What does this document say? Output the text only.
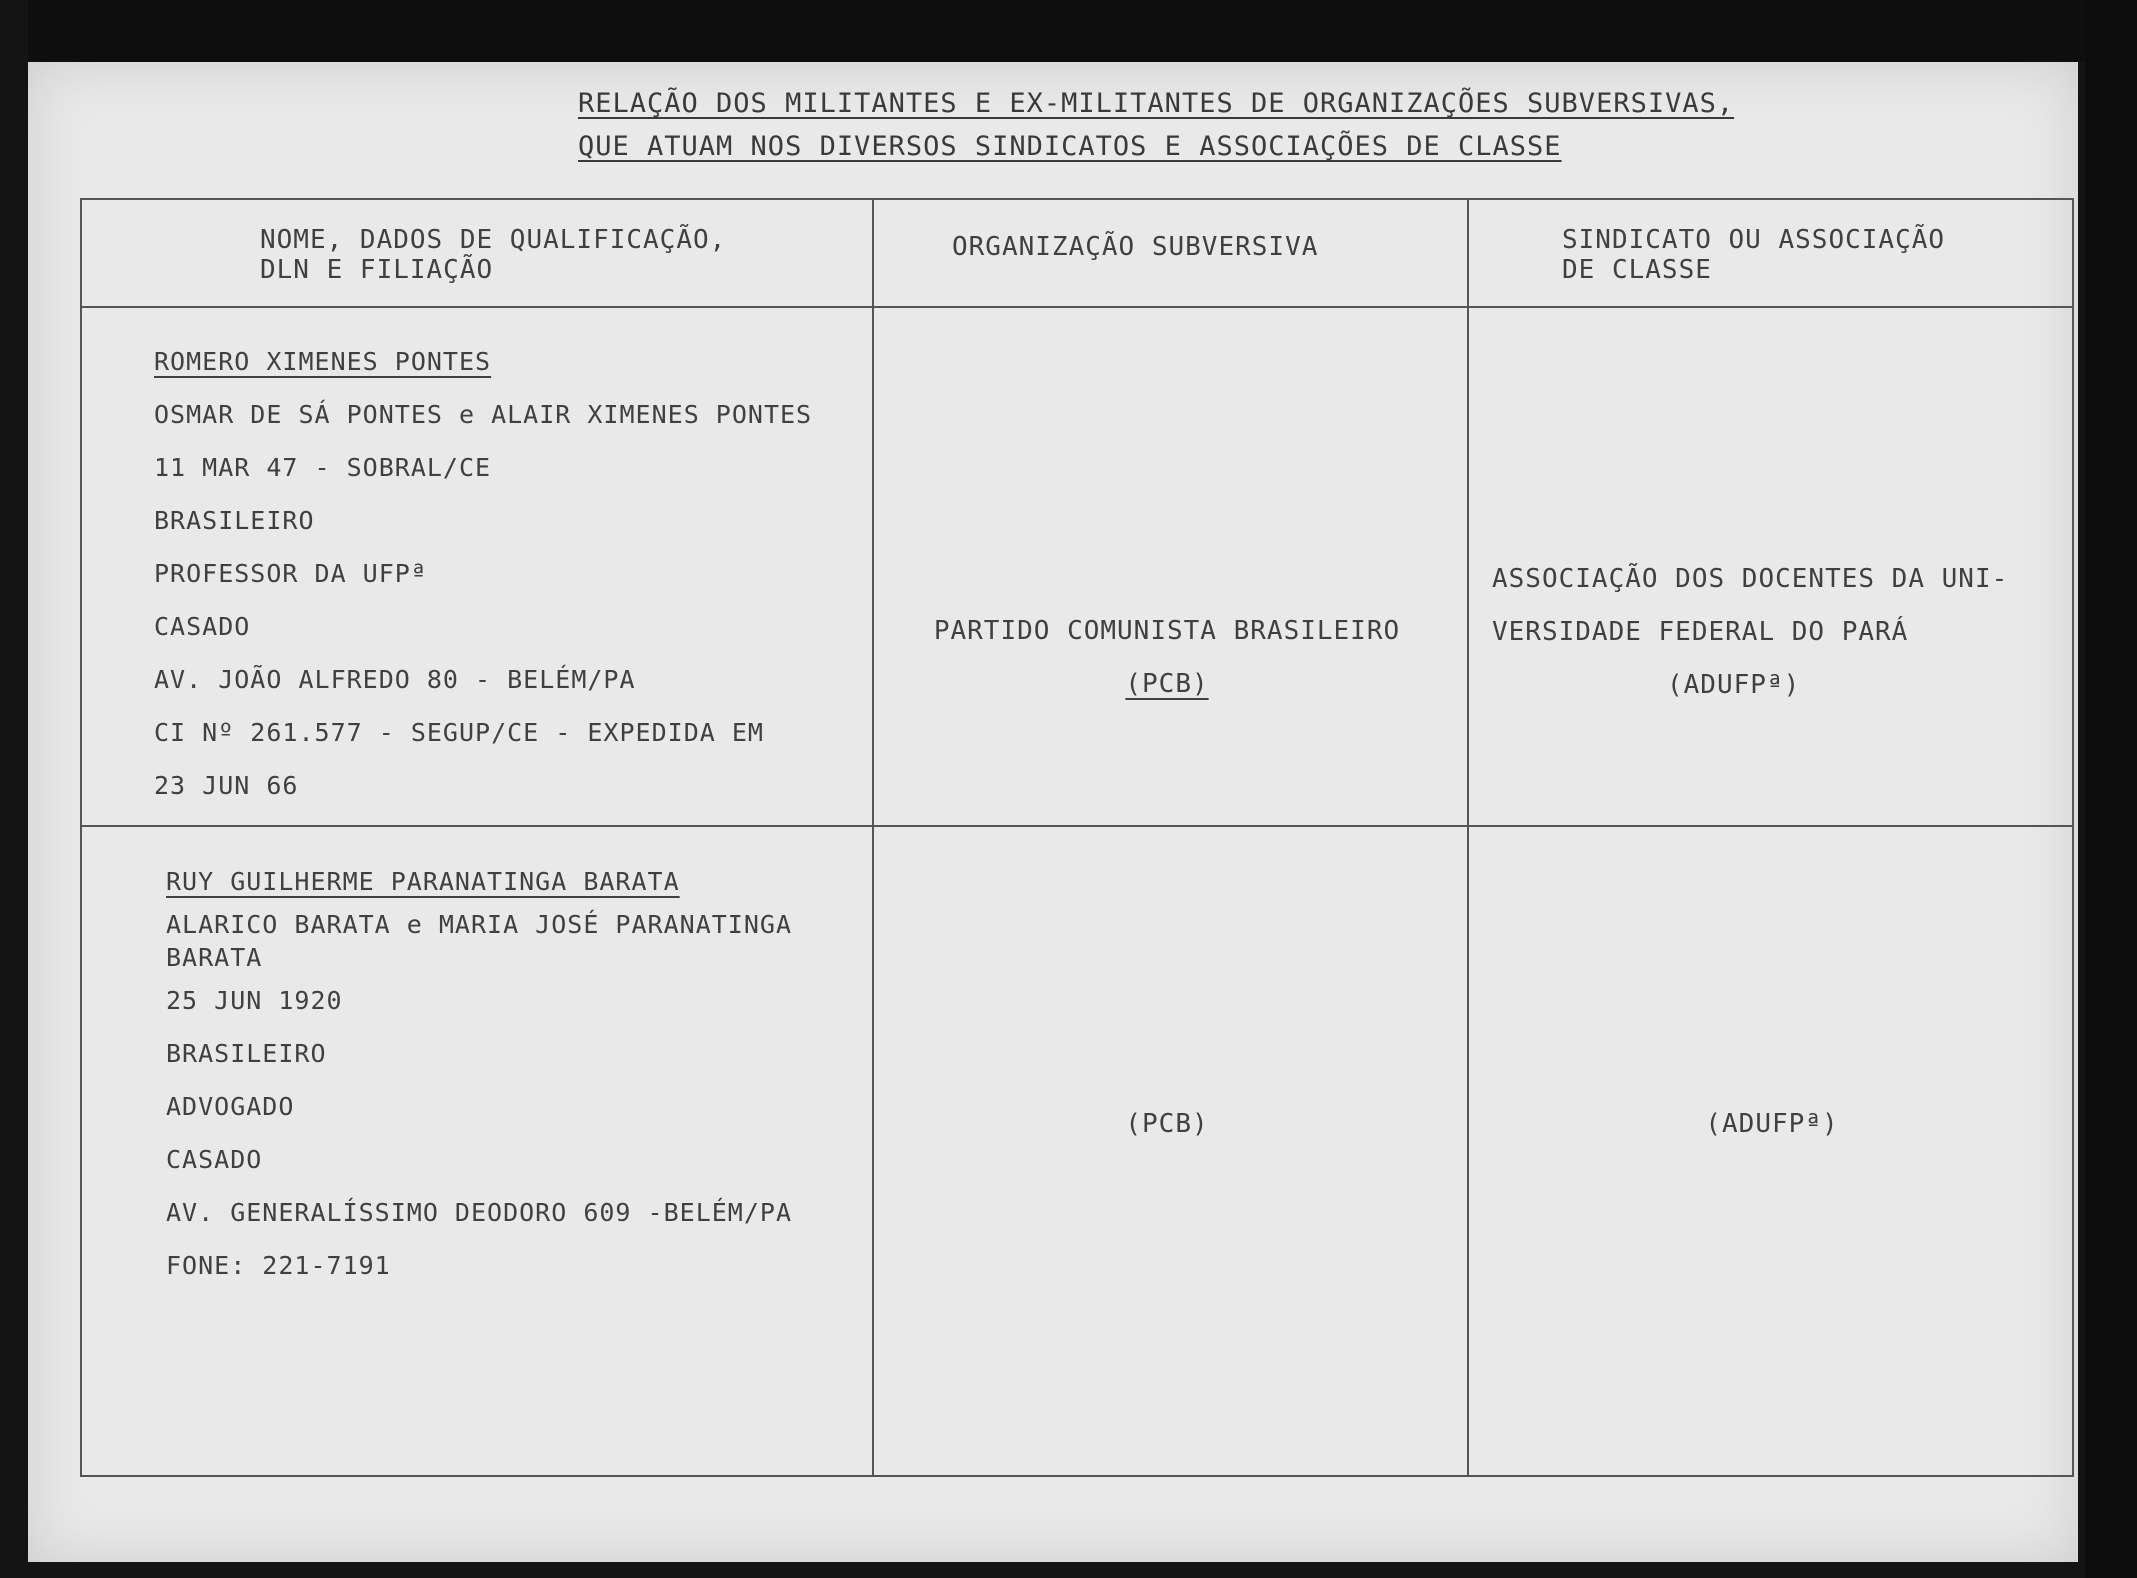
RELAÇÃO DOS MILITANTES E EX-MILITANTES DE ORGANIZAÇÕES SUBVERSIVAS,
QUE ATUAM NOS DIVERSOS SINDICATOS E ASSOCIAÇÕES DE CLASSE
NOME, DADOS DE QUALIFICAÇÃO,
DLN E FILIAÇÃO
ORGANIZAÇÃO SUBVERSIVA	SINDICATO OU ASSOCIAÇÃO
DE CLASSE
ROMERO XIMENES PONTES
OSMAR DE SÁ PONTES e ALAIR XIMENES PONTES
11 MAR 47 - SOBRAL/CE
BRASILEIRO
PROFESSOR DA UFPª
CASADO
AV. JOÃO ALFREDO 80 - BELÉM/PA
CI Nº 261.577 - SEGUP/CE - EXPEDIDA EM
23 JUN 66
PARTIDO COMUNISTA BRASILEIRO
(PCB)
ASSOCIAÇÃO DOS DOCENTES DA UNI-
VERSIDADE FEDERAL DO PARÁ
(ADUFPª)
RUY GUILHERME PARANATINGA BARATA
ALARICO BARATA e MARIA JOSÉ PARANATINGA
BARATA
25 JUN 1920
BRASILEIRO
ADVOGADO
CASADO
AV. GENERALÍSSIMO DEODORO 609 -BELÉM/PA
FONE: 221-7191
(PCB)	(ADUFPª)
